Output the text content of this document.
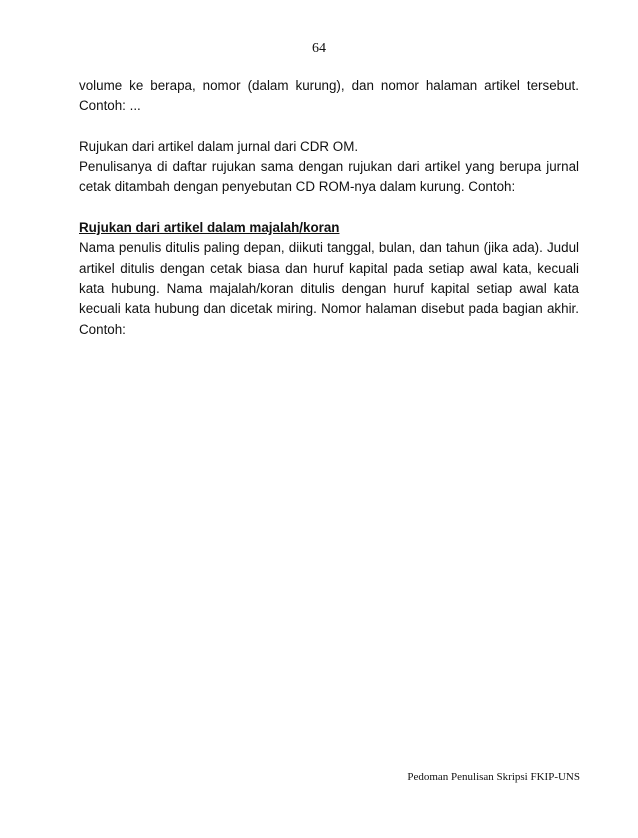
64

volume ke berapa, nomor (dalam kurung), dan nomor halaman artikel tersebut. Contoh: ...

Rujukan dari artikel dalam jurnal dari CDR OM.

Penulisanya di daftar rujukan sama dengan rujukan dari artikel yang berupa jurnal cetak ditambah dengan penyebutan CD ROM-nya dalam kurung. Contoh:

Rujukan dari artikel dalam majalah/koran

Nama penulis ditulis paling depan, diikuti tanggal, bulan, dan tahun (jika ada). Judul artikel ditulis dengan cetak biasa dan huruf kapital pada setiap awal kata, kecuali kata hubung. Nama majalah/koran ditulis dengan huruf kapital setiap awal kata kecuali kata hubung dan dicetak miring. Nomor halaman disebut pada bagian akhir. Contoh:

Pedoman Penulisan Skripsi FKIP-UNS
